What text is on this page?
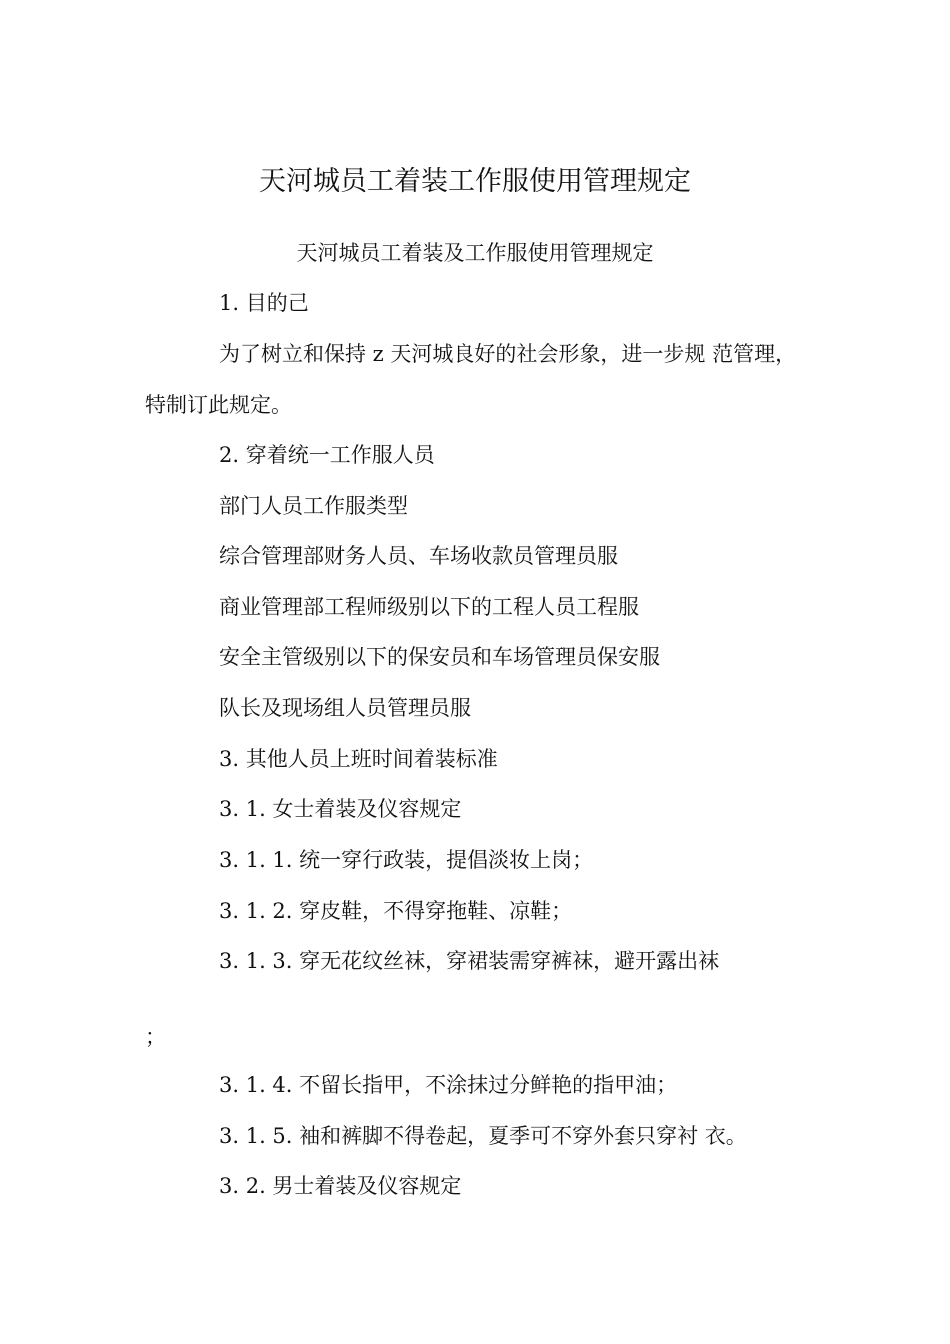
天河城员工着装工作服使用管理规定
天河城员工着装及工作服使用管理规定
1. 目的己
为了树立和保持 z 天河城良好的社会形象，进一步规 范管理，
特制订此规定。
2. 穿着统一工作服人员
部门人员工作服类型
综合管理部财务人员、车场收款员管理员服
商业管理部工程师级别以下的工程人员工程服
安全主管级别以下的保安员和车场管理员保安服
队长及现场组人员管理员服
3. 其他人员上班时间着装标准
3. 1. 女士着装及仪容规定
3. 1. 1. 统一穿行政装，提倡淡妆上岗；
3. 1. 2. 穿皮鞋，不得穿拖鞋、凉鞋；
3. 1. 3. 穿无花纹丝袜，穿裙装需穿裤袜，避开露出袜
；
3. 1. 4. 不留长指甲，不涂抹过分鲜艳的指甲油；
3. 1. 5. 袖和裤脚不得卷起，夏季可不穿外套只穿衬 衣。
3. 2. 男士着装及仪容规定
